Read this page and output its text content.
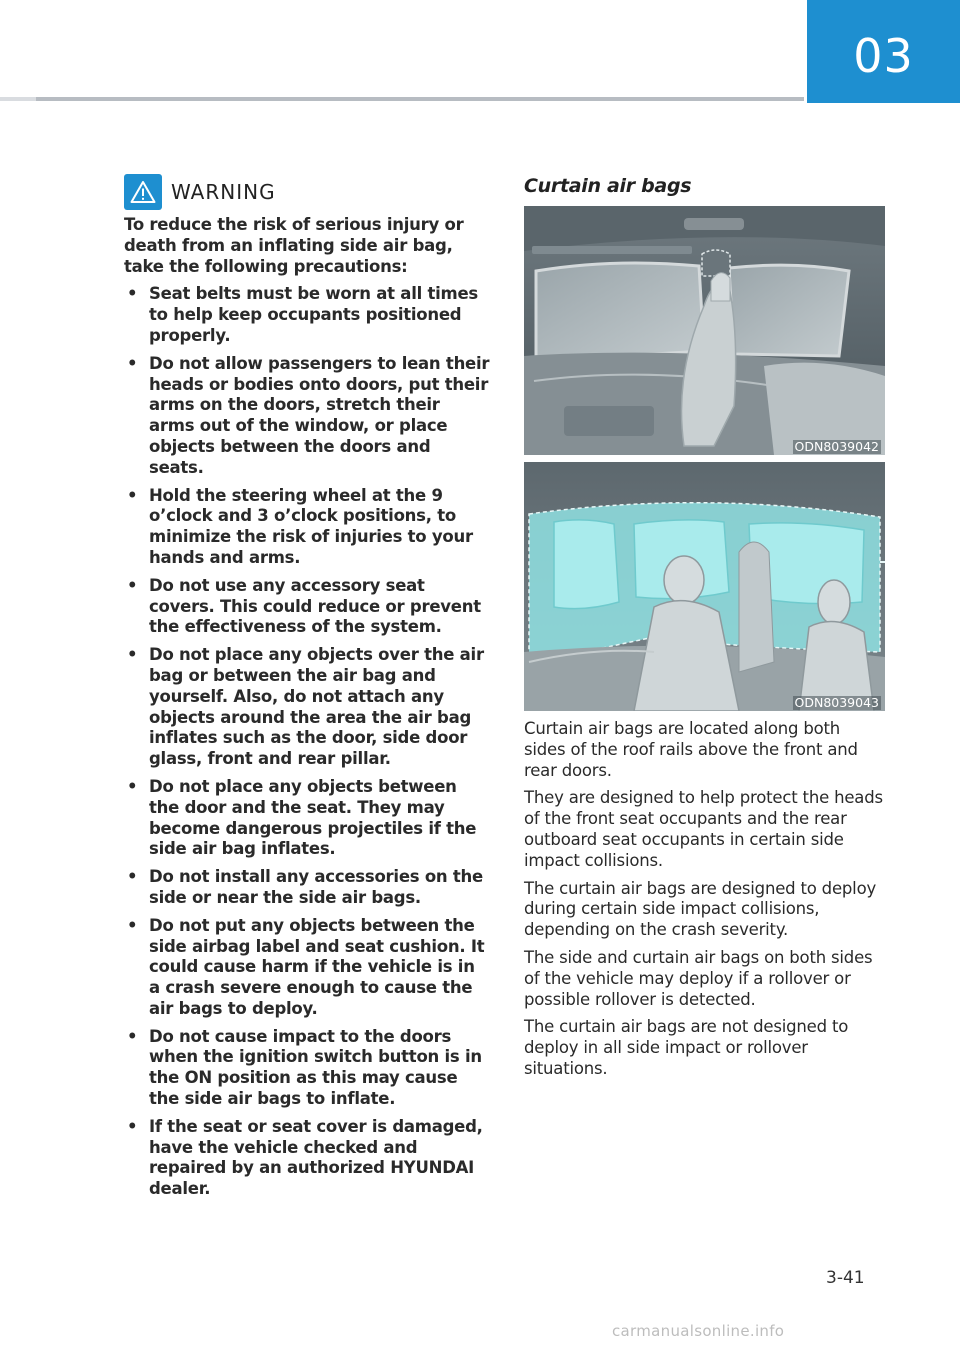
03
WARNING
To reduce the risk of serious injury or death from an inflating side air bag, take the following precautions:
• Seat belts must be worn at all times to help keep occupants positioned properly.
• Do not allow passengers to lean their heads or bodies onto doors, put their arms on the doors, stretch their arms out of the window, or place objects between the doors and seats.
• Hold the steering wheel at the 9 o’clock and 3 o’clock positions, to minimize the risk of injuries to your hands and arms.
• Do not use any accessory seat covers. This could reduce or prevent the effectiveness of the system.
• Do not place any objects over the air bag or between the air bag and yourself. Also, do not attach any objects around the area the air bag inflates such as the door, side door glass, front and rear pillar.
• Do not place any objects between the door and the seat. They may become dangerous projectiles if the side air bag inflates.
• Do not install any accessories on the side or near the side air bags.
• Do not put any objects between the side airbag label and seat cushion. It could cause harm if the vehicle is in a crash severe enough to cause the air bags to deploy.
• Do not cause impact to the doors when the ignition switch button is in the ON position as this may cause the side air bags to inflate.
• If the seat or seat cover is damaged, have the vehicle checked and repaired by an authorized HYUNDAI dealer.
Curtain air bags
ODN8039042
ODN8039043

Curtain air bags are located along both sides of the roof rails above the front and rear doors.

They are designed to help protect the heads of the front seat occupants and the rear outboard seat occupants in certain side impact collisions.

The curtain air bags are designed to deploy during certain side impact collisions, depending on the crash severity.

The side and curtain air bags on both sides of the vehicle may deploy if a rollover or possible rollover is detected.

The curtain air bags are not designed to deploy in all side impact or rollover situations.

3-41
carmanualsonline.info
